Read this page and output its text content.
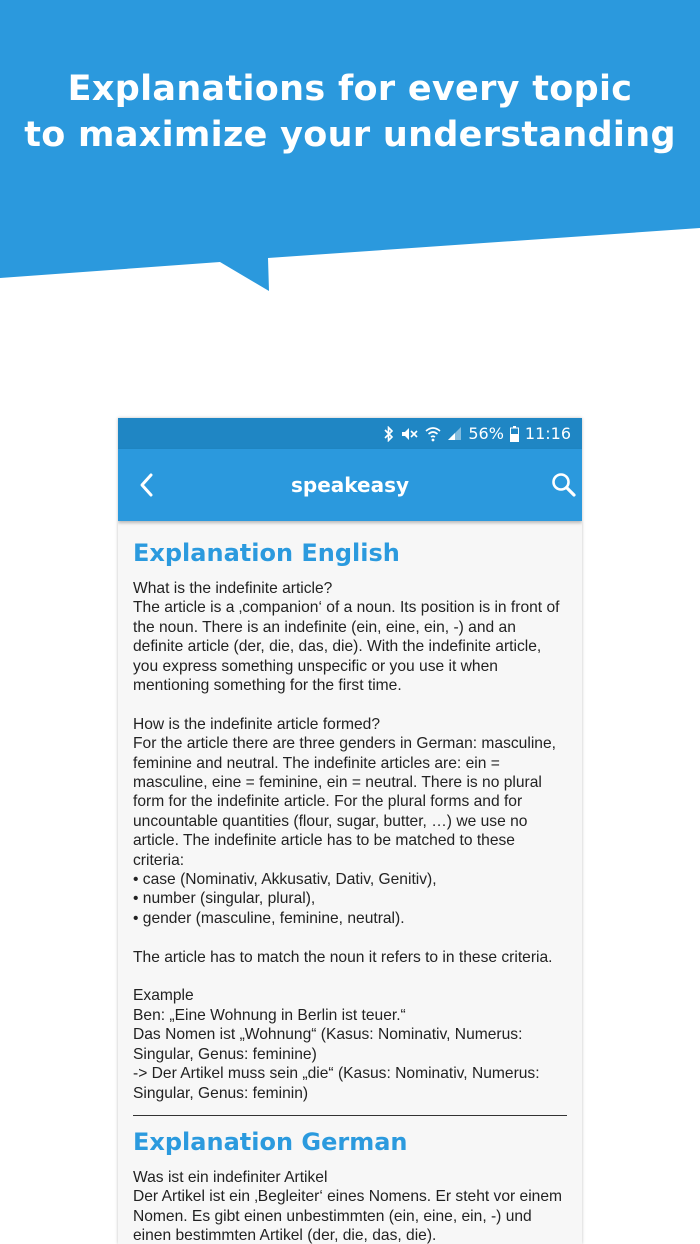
Explanations for every topic
to maximize your understanding
56% 11:16
speakeasy
Explanation English

What is the indefinite article?
The article is a ‚companion‘ of a noun. Its position is in front of the noun. There is an indefinite (ein, eine, ein, -) and an definite article (der, die, das, die). With the indefinite article, you express something unspecific or you use it when mentioning something for the first time.

How is the indefinite article formed?
For the article there are three genders in German: masculine, feminine and neutral. The indefinite articles are: ein = masculine, eine = feminine, ein = neutral. There is no plural form for the indefinite article. For the plural forms and for uncountable quantities (flour, sugar, butter, …) we use no article. The indefinite article has to be matched to these criteria:
• case (Nominativ, Akkusativ, Dativ, Genitiv),
• number (singular, plural),
• gender (masculine, feminine, neutral).

The article has to match the noun it refers to in these criteria.

Example
Ben: „Eine Wohnung in Berlin ist teuer.“
Das Nomen ist „Wohnung“ (Kasus: Nominativ, Numerus: Singular, Genus: feminine)
-> Der Artikel muss sein „die“ (Kasus: Nominativ, Numerus: Singular, Genus: feminin)

Explanation German

Was ist ein indefiniter Artikel
Der Artikel ist ein ‚Begleiter‘ eines Nomens. Er steht vor einem Nomen. Es gibt einen unbestimmten (ein, eine, ein, -) und einen bestimmten Artikel (der, die, das, die).
